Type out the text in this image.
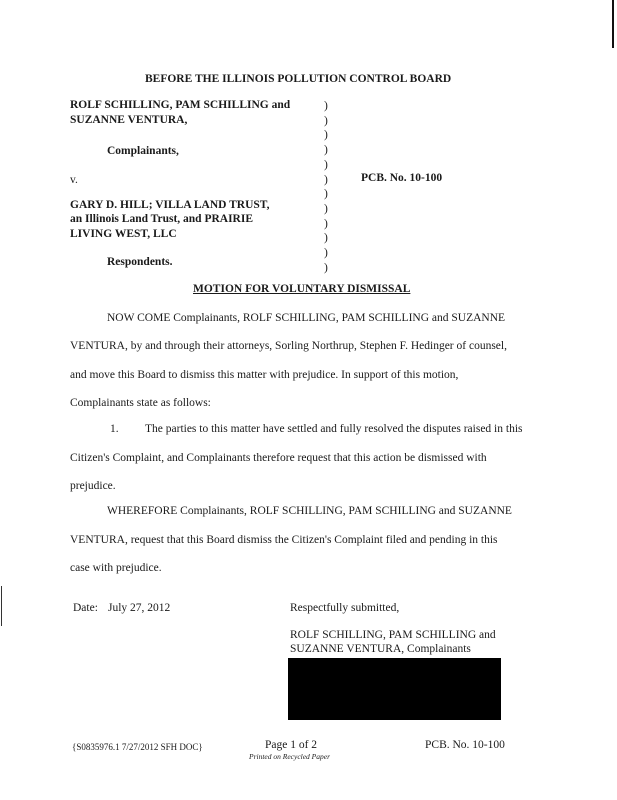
BEFORE THE ILLINOIS POLLUTION CONTROL BOARD
ROLF SCHILLING, PAM SCHILLING and
SUZANNE VENTURA,
Complainants,
v.	PCB. No. 10-100
GARY D. HILL; VILLA LAND TRUST,
an Illinois Land Trust, and PRAIRIE
LIVING WEST, LLC
Respondents.
)
)
)
)
)
)
)
)
)
)
)
)
MOTION FOR VOLUNTARY DISMISSAL
NOW COME Complainants, ROLF SCHILLING, PAM SCHILLING and SUZANNE
VENTURA, by and through their attorneys, Sorling Northrup, Stephen F. Hedinger of counsel,
and move this Board to dismiss this matter with prejudice. In support of this motion,
Complainants state as follows:
1. The parties to this matter have settled and fully resolved the disputes raised in this
Citizen's Complaint, and Complainants therefore request that this action be dismissed with
prejudice.
WHEREFORE Complainants, ROLF SCHILLING, PAM SCHILLING and SUZANNE
VENTURA, request that this Board dismiss the Citizen's Complaint filed and pending in this
case with prejudice.
Date: July 27, 2012	Respectfully submitted,
ROLF SCHILLING, PAM SCHILLING and
SUZANNE VENTURA, Complainants
{S0835976.1 7/27/2012 SFH DOC}	Page 1 of 2
Printed on Recycled Paper
PCB. No. 10-100
